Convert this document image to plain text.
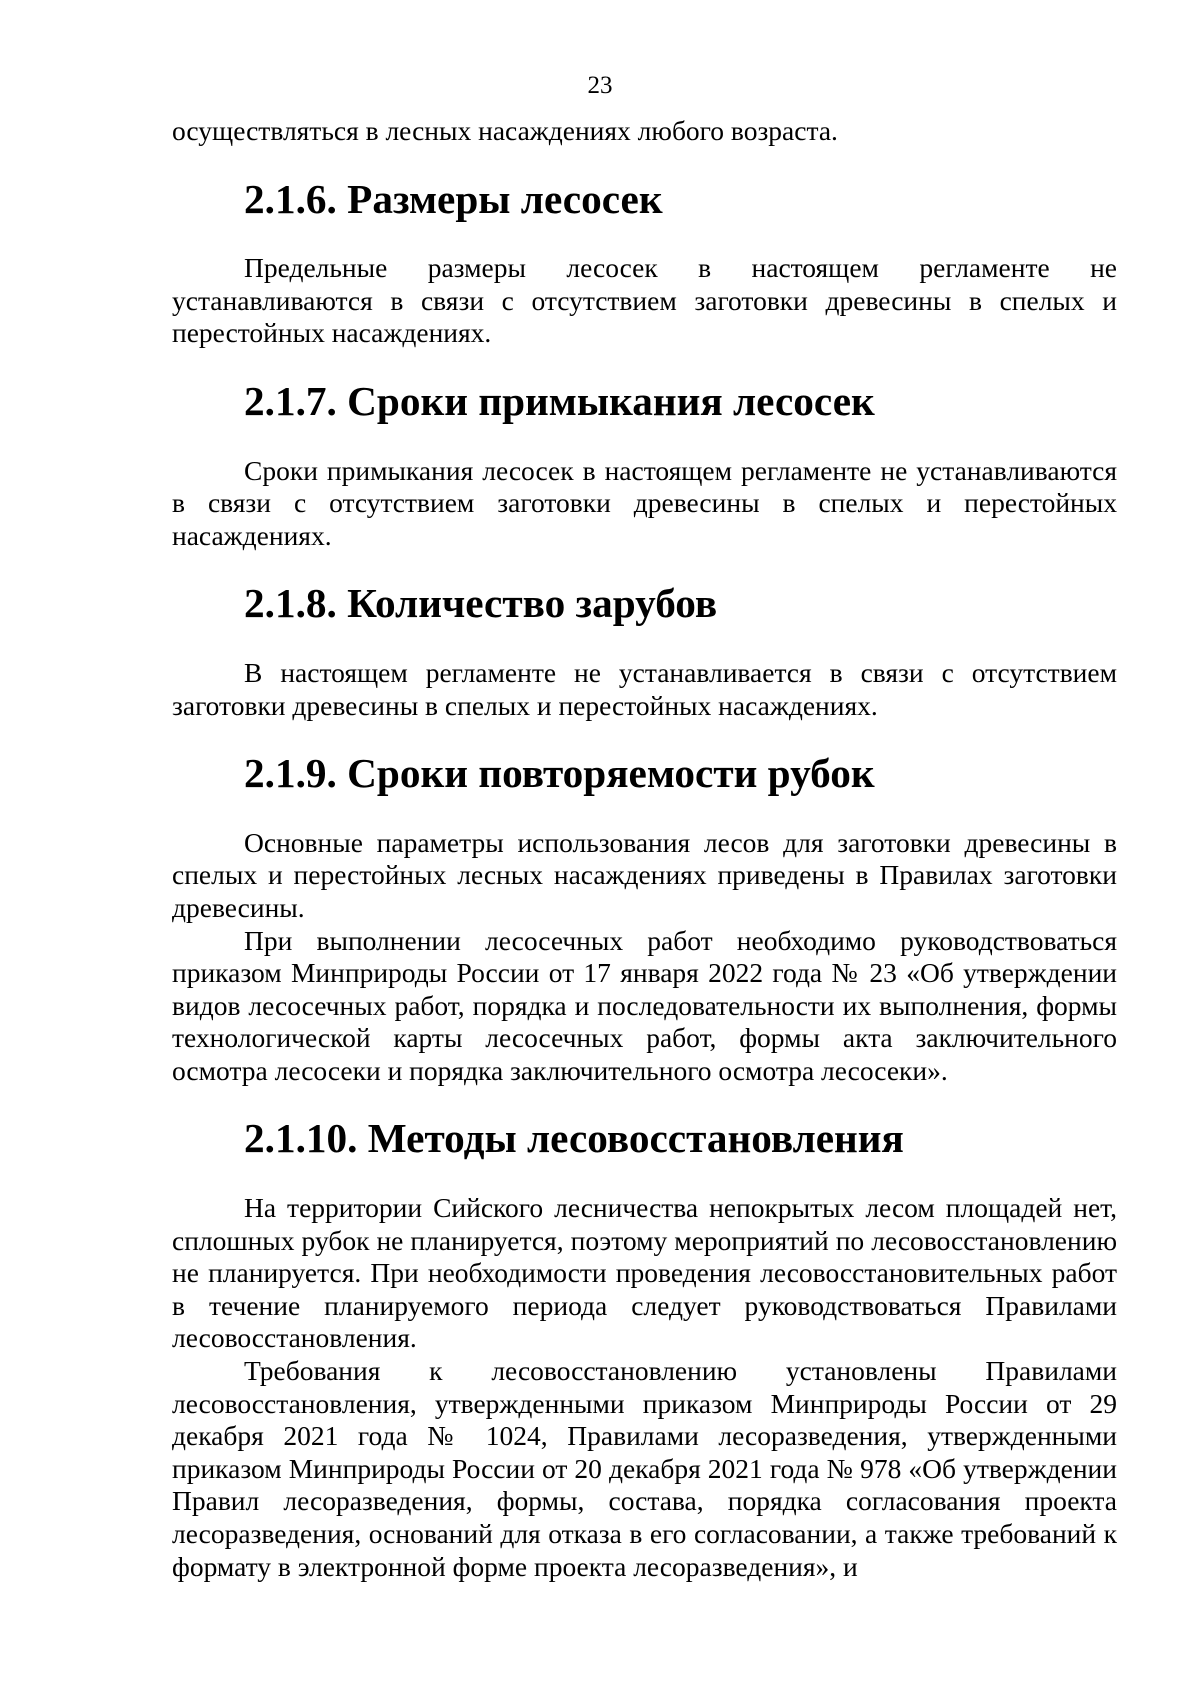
23

осуществляться в лесных насаждениях любого возраста.

2.1.6. Размеры лесосек

Предельные размеры лесосек в настоящем регламенте не устанавливаются в связи с отсутствием заготовки древесины в спелых и перестойных насаждениях.

2.1.7. Сроки примыкания лесосек

Сроки примыкания лесосек в настоящем регламенте не устанавливаются в связи с отсутствием заготовки древесины в спелых и перестойных насаждениях.

2.1.8. Количество зарубов

В настоящем регламенте не устанавливается в связи с отсутствием заготовки древесины в спелых и перестойных насаждениях.

2.1.9. Сроки повторяемости рубок

Основные параметры использования лесов для заготовки древесины в спелых и перестойных лесных насаждениях приведены в Правилах заготовки древесины.

При выполнении лесосечных работ необходимо руководствоваться приказом Минприроды России от 17 января 2022 года № 23 «Об утверждении видов лесосечных работ, порядка и последовательности их выполнения, формы технологической карты лесосечных работ, формы акта заключительного осмотра лесосеки и порядка заключительного осмотра лесосеки».

2.1.10. Методы лесовосстановления

На территории Сийского лесничества непокрытых лесом площадей нет, сплошных рубок не планируется, поэтому мероприятий по лесовосстановлению не планируется. При необходимости проведения лесовосстановительных работ в течение планируемого периода следует руководствоваться Правилами лесовосстановления.

Требования к лесовосстановлению установлены Правилами лесовосстановления, утвержденными приказом Минприроды России от 29 декабря 2021 года № 1024, Правилами лесоразведения, утвержденными приказом Минприроды России от 20 декабря 2021 года № 978 «Об утверждении Правил лесоразведения, формы, состава, порядка согласования проекта лесоразведения, оснований для отказа в его согласовании, а также требований к формату в электронной форме проекта лесоразведения», и
